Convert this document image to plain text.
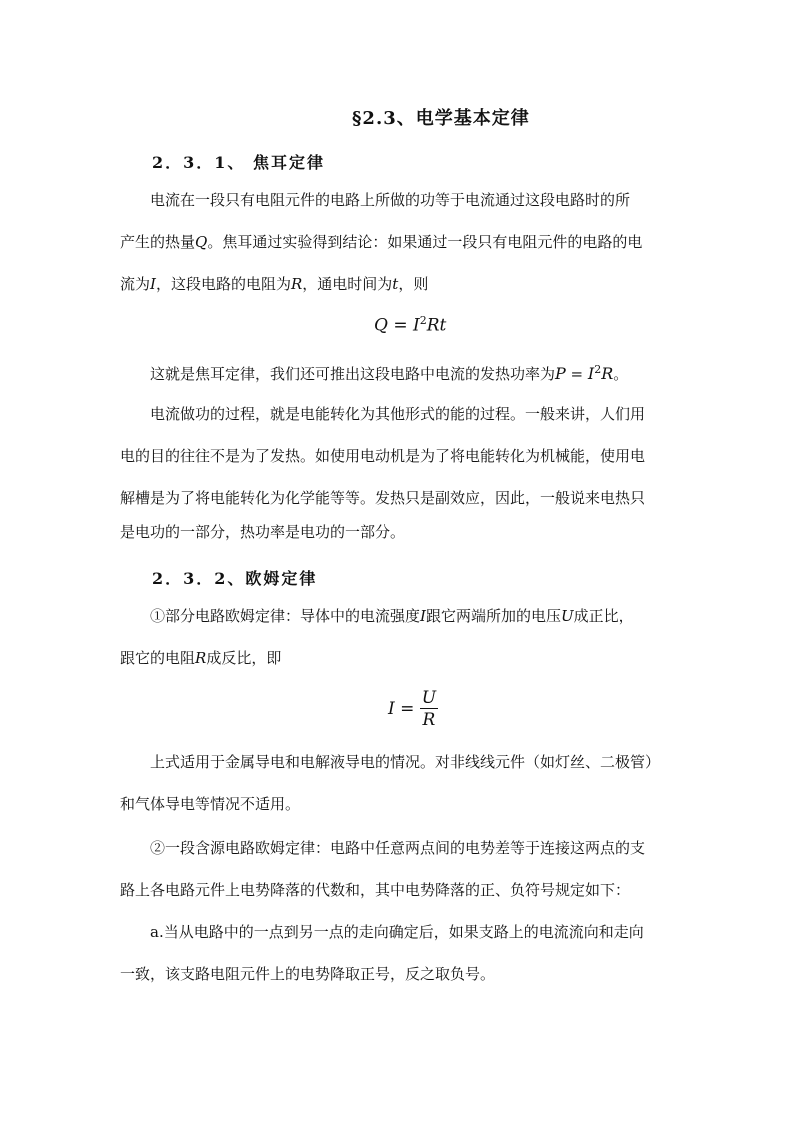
§2.3、电学基本定律
2．3．1、 焦耳定律
电流在一段只有电阻元件的电路上所做的功等于电流通过这段电路时的所
产生的热量Q。焦耳通过实验得到结论：如果通过一段只有电阻元件的电路的电
流为I，这段电路的电阻为R，通电时间为t，则
$Q = I^2Rt$
这就是焦耳定律，我们还可推出这段电路中电流的发热功率为$P = I^2R$。
电流做功的过程，就是电能转化为其他形式的能的过程。一般来讲，人们用
电的目的往往不是为了发热。如使用电动机是为了将电能转化为机械能，使用电
解槽是为了将电能转化为化学能等等。发热只是副效应，因此，一般说来电热只
是电功的一部分，热功率是电功的一部分。
2．3．2、欧姆定律
①部分电路欧姆定律：导体中的电流强度I跟它两端所加的电压U成正比，
跟它的电阻R成反比，即
$I = \frac{U}{R}$
上式适用于金属导电和电解液导电的情况。对非线线元件（如灯丝、二极管）
和气体导电等情况不适用。
②一段含源电路欧姆定律：电路中任意两点间的电势差等于连接这两点的支
路上各电路元件上电势降落的代数和，其中电势降落的正、负符号规定如下：
a.当从电路中的一点到另一点的走向确定后，如果支路上的电流流向和走向
一致，该支路电阻元件上的电势降取正号，反之取负号。
